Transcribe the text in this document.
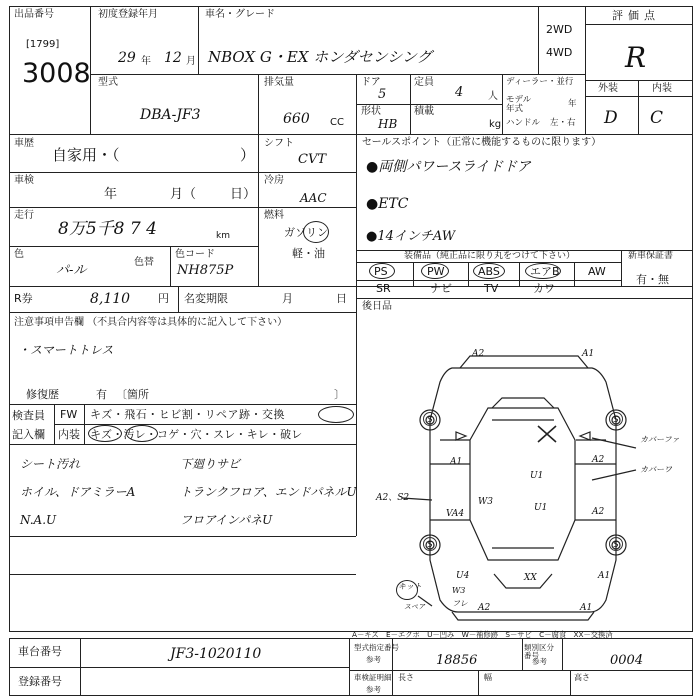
出品番号
[1799]
3008
初度登録年月
29 年 12 月
車名・グレード
NBOX G・EX ホンダセンシング
2WD
4WD
評価点
R
型式
DBA-JF3
排気量
660 CC
ドア
5
定員
4 人
形状
HB
積載
kg
ディーラー・並行
モデル年式	年
ハンドル 左・右
外装	内装
D C
車歴
自家用・（	）
車検
年	月（	日）
走行
8万5千8 7 4	km
色
パ-ル
色替
色コード
NH875P
シフト
CVT
冷房
AAC
燃料
ガソリン
軽・油
セールスポイント（正常に機能するものに限ります）
●両側パワースライドドア
●ETC
●14インチAW
装備品（純正品に限り丸をつけて下さい）
PS	PW	ABS	エアB	AW
SR	ナビ	TV	カワ
新車保証書
有・無
R券	8,110	円 名変期限	月	日
後日品
注意事項申告欄 （不具合内容等は具体的に記入して下さい）
・スマートトレス
修復歴	有 〔箇所	〕
検査員
記入欄
FW キズ・飛石・ヒビ割・リペア跡・交換
内装 キズ・汚レ・コゲ・穴・スレ・キレ・破レ
シート汚れ
ホイル、ドアミラーA
N.A.U
下廻りサビ
トランクフロア、エンドパネルU
フロアインパネU
A2	A1
S	S
A1
U1
A2
A2
U1
VA4
W3
S	S
XX
U4	A1
A2	A1
A2、S2
カバーファ
カバーワ
キット
スペア
W3
フレ
A－キズ　E－エクボ　U－凹み　W－補修跡　S－サビ　C－腐食　XX－交換済
車台番号	JF3-1020110
登録番号
型式指定番号
参考	18856
類別区分番号
参考	0004
車検証明細
参考
長さ	幅	高さ
